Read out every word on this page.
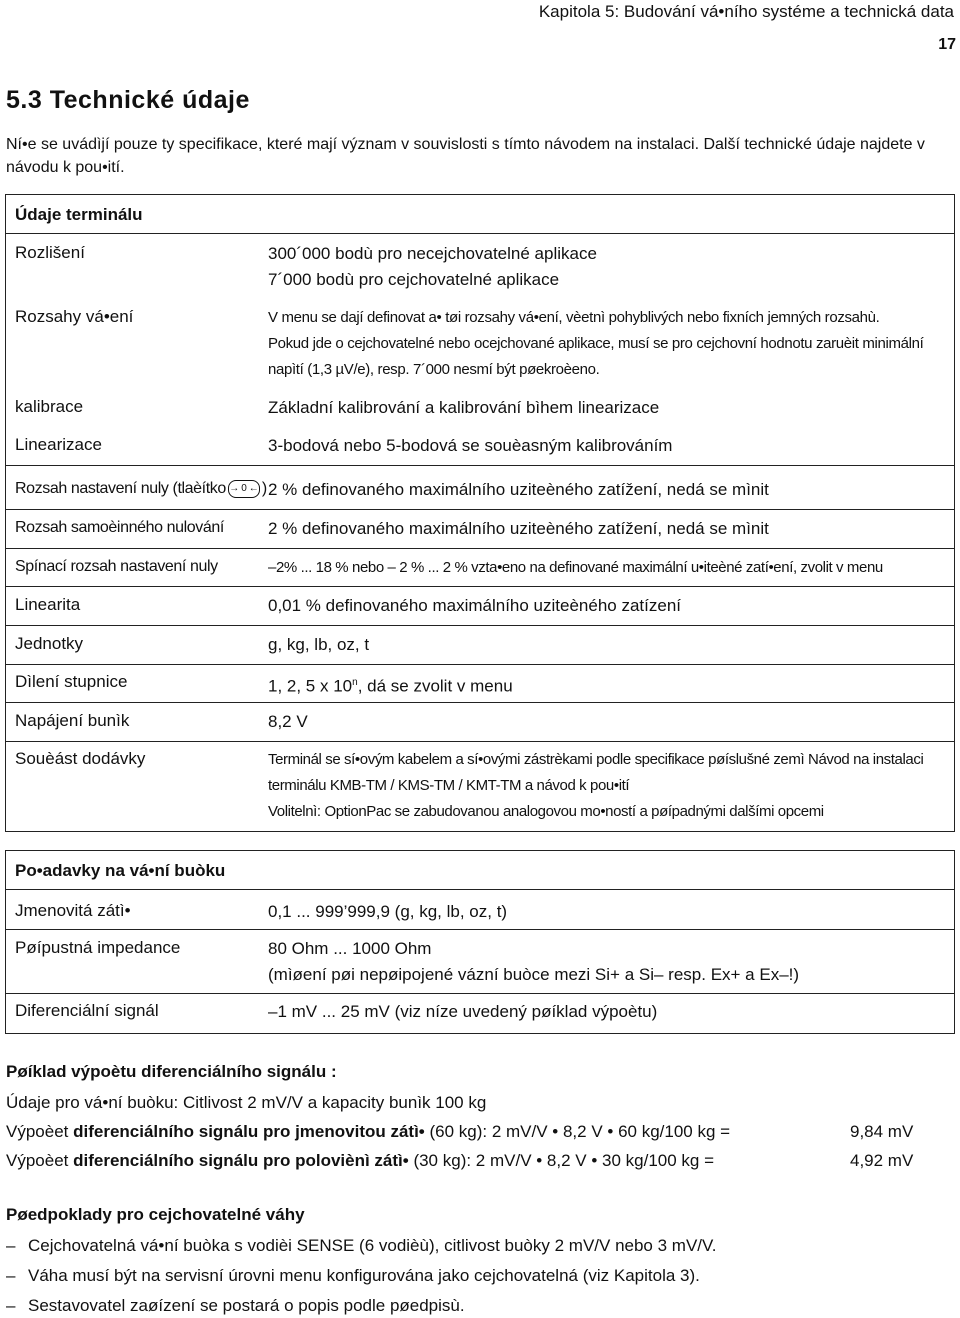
Kapitola 5: Budování vá•ního systéme a technická data
17
5.3 Technické údaje
Ní•e se uvádìjí pouze ty specifikace, které mají význam v souvislosti s tímto návodem na instalaci. Další technické údaje najdete v návodu k pou•ití.
Údaje terminálu
Rozlišení	300´000 bodù pro necejchovatelné aplikace
7´000 bodù pro cejchovatelné aplikace
Rozsahy vá•ení	V menu se dají definovat a• tøi rozsahy vá•ení, vèetnì pohyblivých nebo fixních jemných rozsahù.
Pokud jde o cejchovatelné nebo ocejchované aplikace, musí se pro cejchovní hodnotu zaruèit minimální
napìtí (1,3 µV/e), resp. 7´000 nesmí být pøekroèeno.
kalibrace	Základní kalibrování a kalibrování bìhem linearizace
Linearizace	3-bodová nebo 5-bodová se souèasným kalibrováním
Rozsah nastavení nuly (tlaèítko → 0 ← ) 2 % definovaného maximálního uziteèného zatížení, nedá se mìnit
Rozsah samoèinného nulování	2 % definovaného maximálního uziteèného zatížení, nedá se mìnit
Spínací rozsah nastavení nuly	–2% ... 18 % nebo – 2 % ... 2 % vzta•eno na definované maximální u•iteèné zatí•ení, zvolit v menu
Linearita	0,01 % definovaného maximálního uziteèného zatízení
Jednotky	g, kg, lb, oz, t
Dìlení stupnice	1, 2, 5 x 10$^n$, dá se zvolit v menu
Napájení bunìk	8,2 V
Souèást dodávky	Terminál se sí•ovým kabelem a sí•ovými zástrèkami podle specifikace pøíslušné zemì Návod na instalaci
terminálu KMB-TM / KMS-TM / KMT-TM a návod k pou•ití
Volitelnì: OptionPac se zabudovanou analogovou mo•ností a pøípadnými dalšími opcemi
Po•adavky na vá•ní buòku
Jmenovitá zátì•	0,1 ... 999’999,9 (g, kg, lb, oz, t)
Pøípustná impedance	80 Ohm ... 1000 Ohm
(mìøení pøi nepøipojené vázní buòce mezi Si+ a Si– resp. Ex+ a Ex–!)
Diferenciální signál	–1 mV ... 25 mV (viz níze uvedený pøíklad výpoètu)
Pøíklad výpoètu diferenciálního signálu :
Údaje pro vá•ní buòku: Citlivost 2 mV/V a kapacity bunìk 100 kg
Výpoèet diferenciálního signálu pro jmenovitou zátì• (60 kg): 2 mV/V • 8,2 V • 60 kg/100 kg =	9,84 mV
Výpoèet diferenciálního signálu pro poloviènì zátì• (30 kg): 2 mV/V • 8,2 V • 30 kg/100 kg =	4,92 mV
Pøedpoklady pro cejchovatelné váhy
– Cejchovatelná vá•ní buòka s vodièi SENSE (6 vodièù), citlivost buòky 2 mV/V nebo 3 mV/V.
– Váha musí být na servisní úrovni menu konfigurována jako cejchovatelná (viz Kapitola 3).
– Sestavovatel zaøízení se postará o popis podle pøedpisù.
